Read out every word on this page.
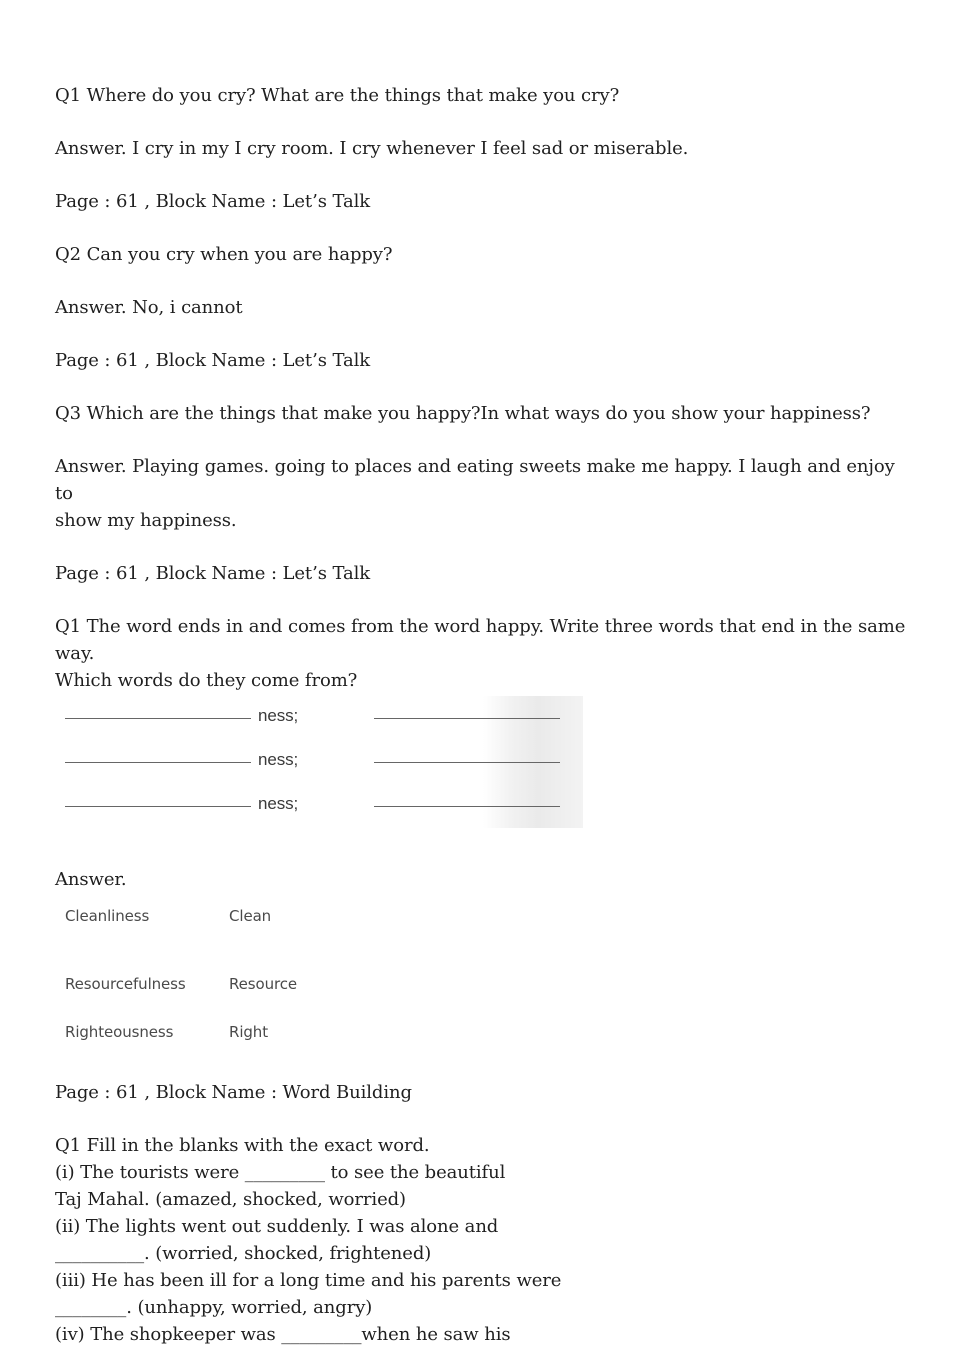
Q1 Where do you cry? What are the things that make you cry?

Answer. I cry in my I cry room. I cry whenever I feel sad or miserable.

Page : 61 , Block Name : Let’s Talk

Q2 Can you cry when you are happy?

Answer. No, i cannot

Page : 61 , Block Name : Let’s Talk

Q3 Which are the things that make you happy?In what ways do you show your happiness?

Answer. Playing games. going to places and eating sweets make me happy. I laugh and enjoy to
show my happiness.

Page : 61 , Block Name : Let’s Talk

Q1 The word ends in and comes from the word happy. Write three words that end in the same way.
Which words do they come from?

ness;
ness;
ness;

Answer.

Cleanliness	Clean
Resourcefulness	Resource
Righteousness	Right

Page : 61 , Block Name : Word Building

Q1 Fill in the blanks with the exact word.
(i) The tourists were _________ to see the beautiful
Taj Mahal. (amazed, shocked, worried)
(ii) The lights went out suddenly. I was alone and
__________. (worried, shocked, frightened)
(iii) He has been ill for a long time and his parents were
________. (unhappy, worried, angry)
(iv) The shopkeeper was _________when he saw his
